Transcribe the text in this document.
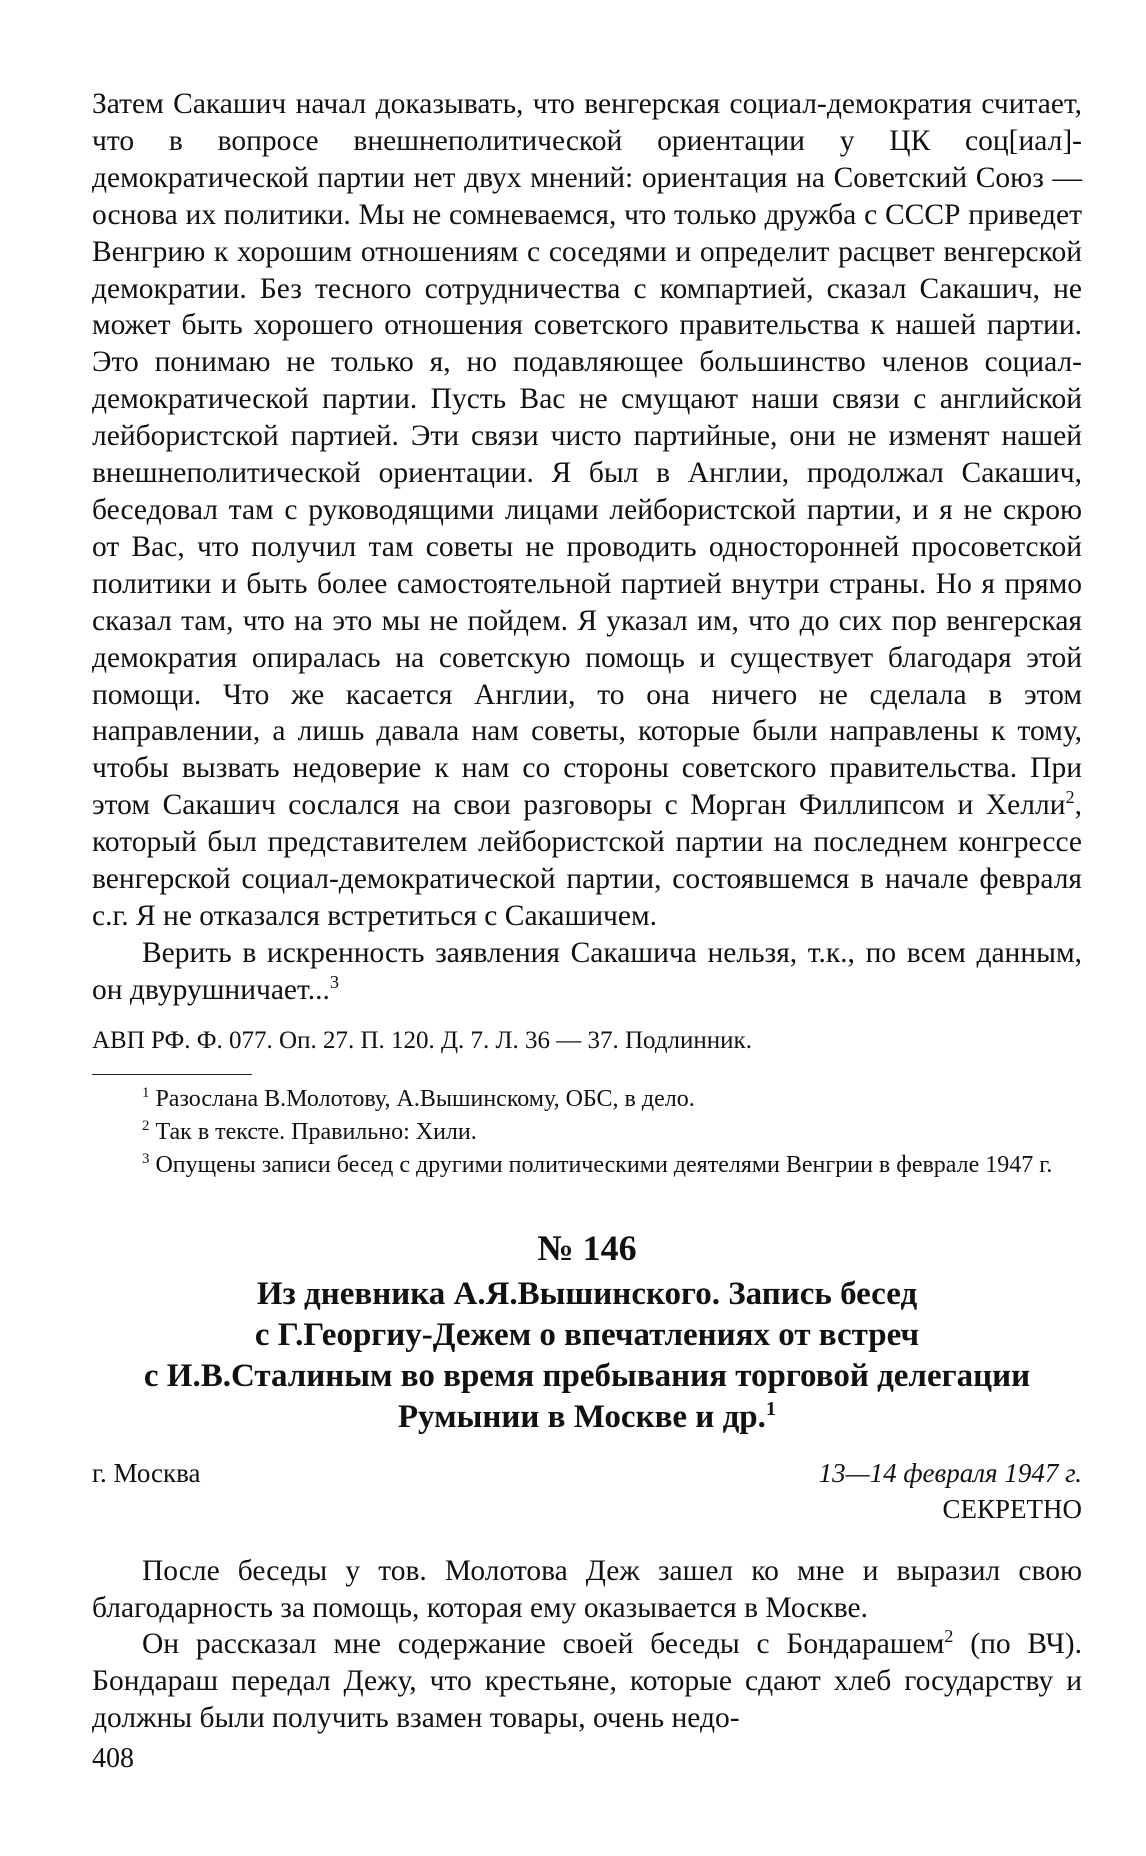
Затем Сакашич начал доказывать, что венгерская социал-демократия считает, что в вопросе внешнеполитической ориентации у ЦК соц[иал]-демократической партии нет двух мнений: ориентация на Советский Союз — основа их политики. Мы не сомневаемся, что только дружба с СССР приведет Венгрию к хорошим отношениям с соседями и определит расцвет венгерской демократии. Без тесного сотрудничества с компартией, сказал Сакашич, не может быть хорошего отношения советского правительства к нашей партии. Это понимаю не только я, но подавляющее большинство членов социал-демократической партии. Пусть Вас не смущают наши связи с английской лейбористской партией. Эти связи чисто партийные, они не изменят нашей внешнеполитической ориентации. Я был в Англии, продолжал Сакашич, беседовал там с руководящими лицами лейбористской партии, и я не скрою от Вас, что получил там советы не проводить односторонней просоветской политики и быть более самостоятельной партией внутри страны. Но я прямо сказал там, что на это мы не пойдем. Я указал им, что до сих пор венгерская демократия опиралась на советскую помощь и существует благодаря этой помощи. Что же касается Англии, то она ничего не сделала в этом направлении, а лишь давала нам советы, которые были направлены к тому, чтобы вызвать недоверие к нам со стороны советского правительства. При этом Сакашич сослался на свои разговоры с Морган Филлипсом и Хелли$^2$, который был представителем лейбористской партии на последнем конгрессе венгерской социал-демократической партии, состоявшемся в начале февраля с.г. Я не отказался встретиться с Сакашичем.

Верить в искренность заявления Сакашича нельзя, т.к., по всем данным, он двурушничает...$^3$

АВП РФ. Ф. 077. Оп. 27. П. 120. Д. 7. Л. 36 — 37. Подлинник.

$^1$ Разослана В.Молотову, А.Вышинскому, ОБС, в дело.

$^2$ Так в тексте. Правильно: Хили.

$^3$ Опущены записи бесед с другими политическими деятелями Венгрии в феврале 1947 г.

№ 146
Из дневника А.Я.Вышинского. Запись бесед
с Г.Георгиу-Дежем о впечатлениях от встреч
с И.В.Сталиным во время пребывания торговой делегации
Румынии в Москве и др.$^1$
г. Москва	13—14 февраля 1947 г.
СЕКРЕТНО

После беседы у тов. Молотова Деж зашел ко мне и выразил свою благодарность за помощь, которая ему оказывается в Москве.

Он рассказал мне содержание своей беседы с Бондарашем$^2$ (по ВЧ). Бондараш передал Дежу, что крестьяне, которые сдают хлеб государству и должны были получить взамен товары, очень недо-

408
